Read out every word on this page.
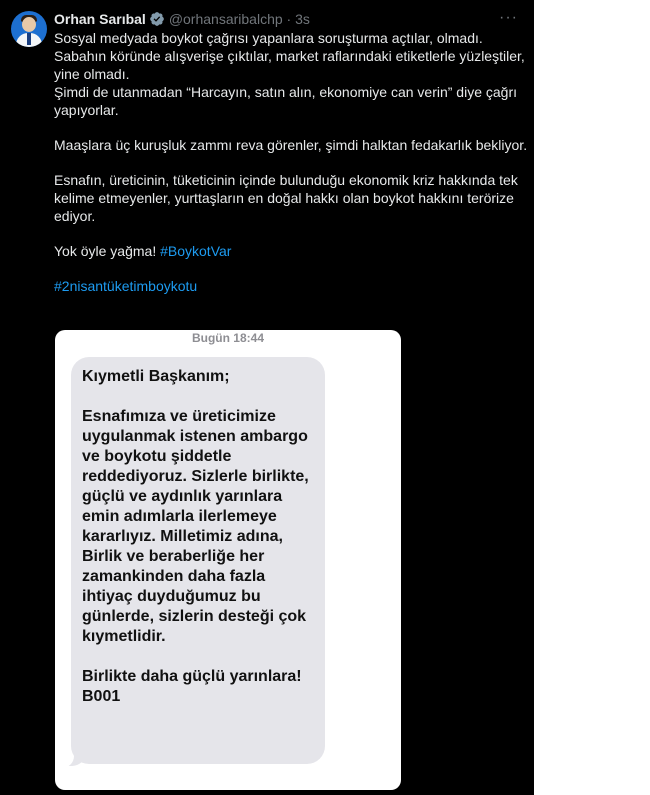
Orhan Sarıbal @orhansaribalchp · 3s	···

Sosyal medyada boykot çağrısı yapanlara soruşturma açtılar, olmadı.

Sabahın köründe alışverişe çıktılar, market raflarındaki etiketlerle yüzleştiler, yine olmadı.

Şimdi de utanmadan “Harcayın, satın alın, ekonomiye can verin” diye çağrı yapıyorlar.

Maaşlara üç kuruşluk zammı reva görenler, şimdi halktan fedakarlık bekliyor.

Esnafın, üreticinin, tüketicinin içinde bulunduğu ekonomik kriz hakkında tek kelime etmeyenler, yurttaşların en doğal hakkı olan boykot hakkını terörize ediyor.

Yok öyle yağma! #BoykotVar

#2nisantüketimboykotu

Bugün 18:44

Kıymetli Başkanım;

Esnafımıza ve üreticimize uygulanmak istenen ambargo ve boykotu şiddetle reddediyoruz. Sizlerle birlikte, güçlü ve aydınlık yarınlara emin adımlarla ilerlemeye kararlıyız. Milletimiz adına, Birlik ve beraberliğe her zamankinden daha fazla ihtiyaç duyduğumuz bu günlerde, sizlerin desteği çok kıymetlidir.

Birlikte daha güçlü yarınlara!

B001
